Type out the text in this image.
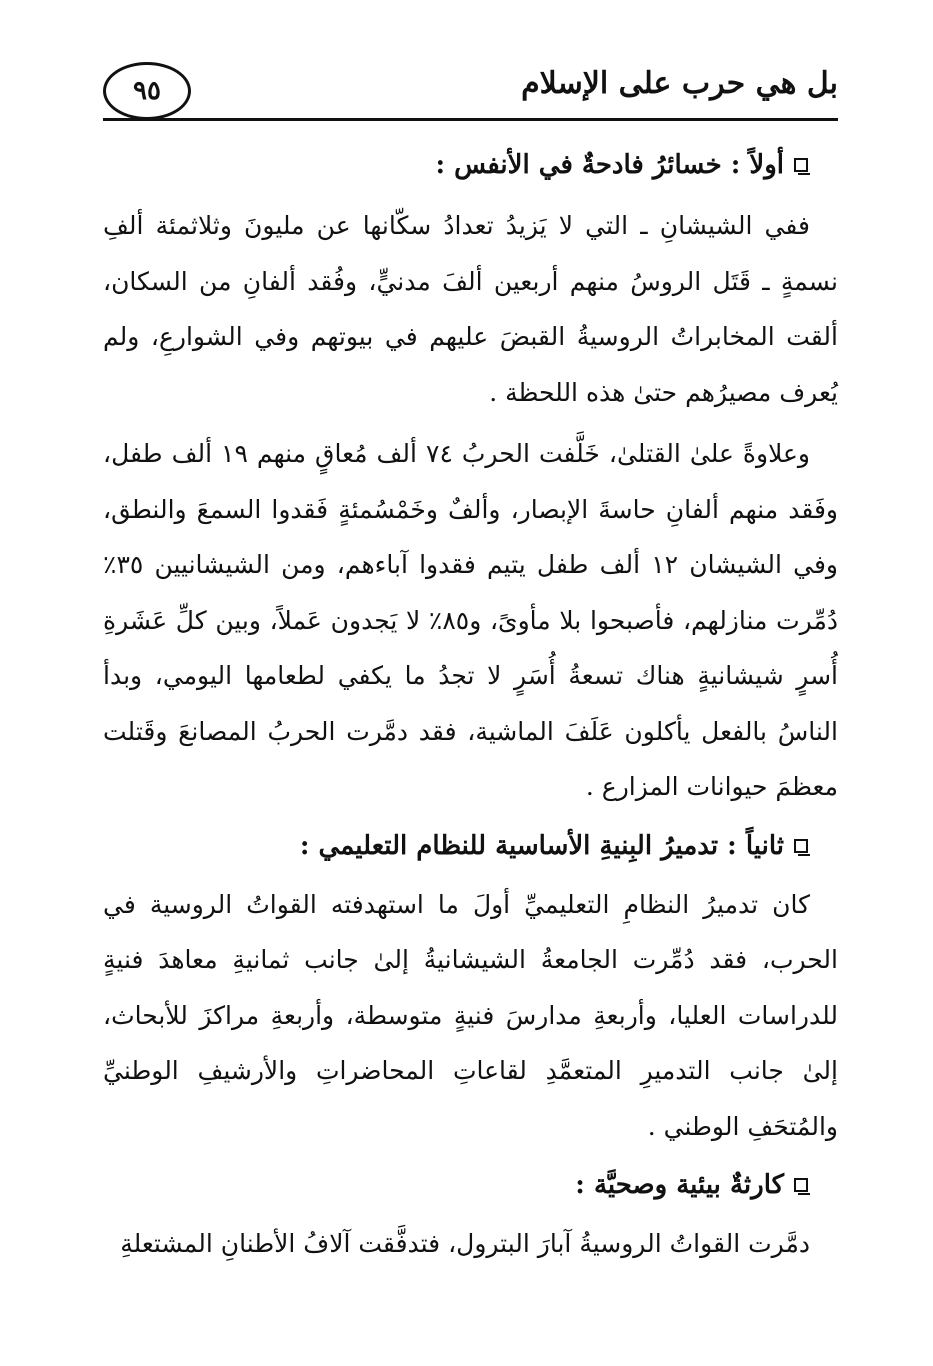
بل هي حرب على الإسلام
٩٥
أولاً : خسائرُ فادحةٌ في الأنفس :

ففي الشيشانِ ـ التي لا يَزيدُ تعدادُ سكّانها عن مليونَ وثلاثمئة ألفِ نسمةٍ ـ قَتَل الروسُ منهم أربعين ألفَ مدنيٍّ، وفُقد ألفانِ من السكان، ألقت المخابراتُ الروسيةُ القبضَ عليهم في بيوتهم وفي الشوارعِ، ولم يُعرف مصيرُهم حتىٰ هذه اللحظة .

وعلاوةً علىٰ القتلىٰ، خَلَّفت الحربُ ٧٤ ألف مُعاقٍ منهم ١٩ ألف طفل، وفَقد منهم ألفانِ حاسةَ الإبصار، وألفٌ وخَمْسُمئةٍ فَقدوا السمعَ والنطق، وفي الشيشان ١٢ ألف طفل يتيم فقدوا آباءهم، ومن الشيشانيين ٣٥٪ دُمِّرت منازلهم، فأصبحوا بلا مأوىً، و٨٥٪ لا يَجدون عَملاً، وبين كلِّ عَشَرةِ أُسرٍ شيشانيةٍ هناك تسعةُ أُسَرٍ لا تجدُ ما يكفي لطعامها اليومي، وبدأ الناسُ بالفعل يأكلون عَلَفَ الماشية، فقد دمَّرت الحربُ المصانعَ وقَتلت معظمَ حيوانات المزارع .

ثانياً : تدميرُ البِنيةِ الأساسية للنظام التعليمي :

كان تدميرُ النظامِ التعليميِّ أولَ ما استهدفته القواتُ الروسية في الحرب، فقد دُمِّرت الجامعةُ الشيشانيةُ إلىٰ جانب ثمانيةِ معاهدَ فنيةٍ للدراسات العليا، وأربعةِ مدارسَ فنيةٍ متوسطة، وأربعةِ مراكزَ للأبحاث، إلىٰ جانب التدميرِ المتعمَّدِ لقاعاتِ المحاضراتِ والأرشيفِ الوطنيِّ والمُتحَفِ الوطني .

كارثةٌ بيئية وصحيَّة :

دمَّرت القواتُ الروسيةُ آبارَ البترول، فتدفَّقت آلافُ الأطنانِ المشتعلةِ
